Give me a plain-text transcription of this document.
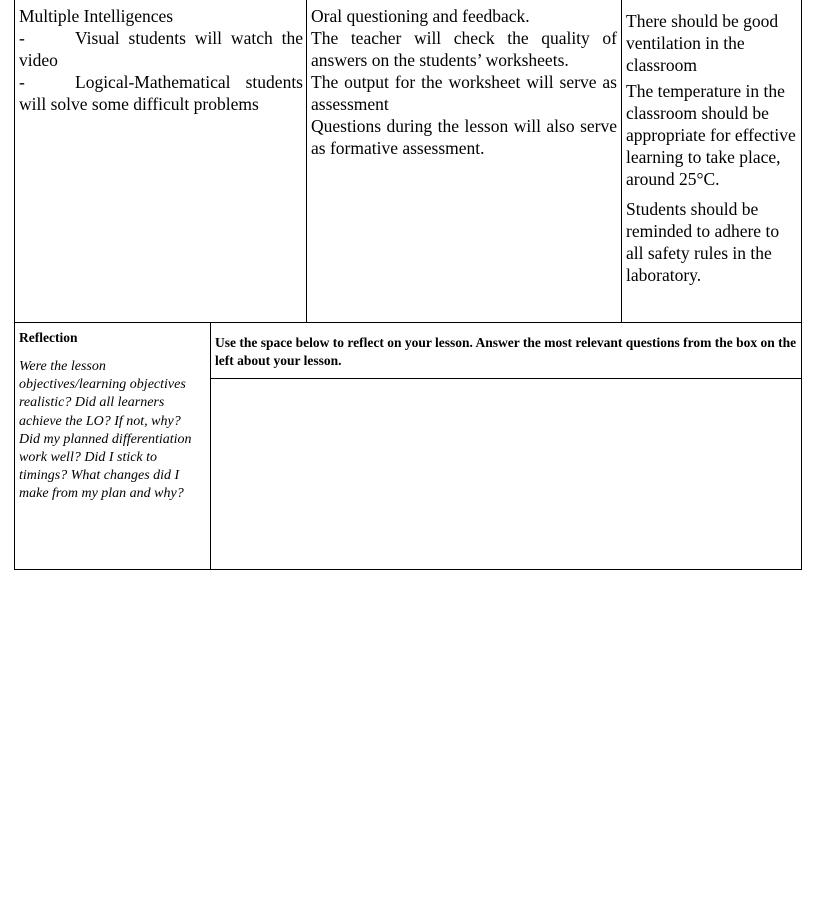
Multiple Intelligences

-	Visual students will watch the video

-	Logical-Mathematical students will solve some difficult problems

Oral questioning and feedback.

The teacher will check the quality of answers on the students’ worksheets.

The output for the worksheet will serve as assessment

Questions during the lesson will also serve as formative assessment.

There should be good ventilation in the classroom

The temperature in the classroom should be appropriate for effective learning to take place, around 25°C.

Students should be reminded to adhere to all safety rules in the laboratory.

Reflection

Were the lesson objectives/learning objectives realistic? Did all learners achieve the LO? If not, why? Did my planned differentiation work well? Did I stick to timings? What changes did I make from my plan and why?

Use the space below to reflect on your lesson. Answer the most relevant questions from the box on the left about your lesson.
